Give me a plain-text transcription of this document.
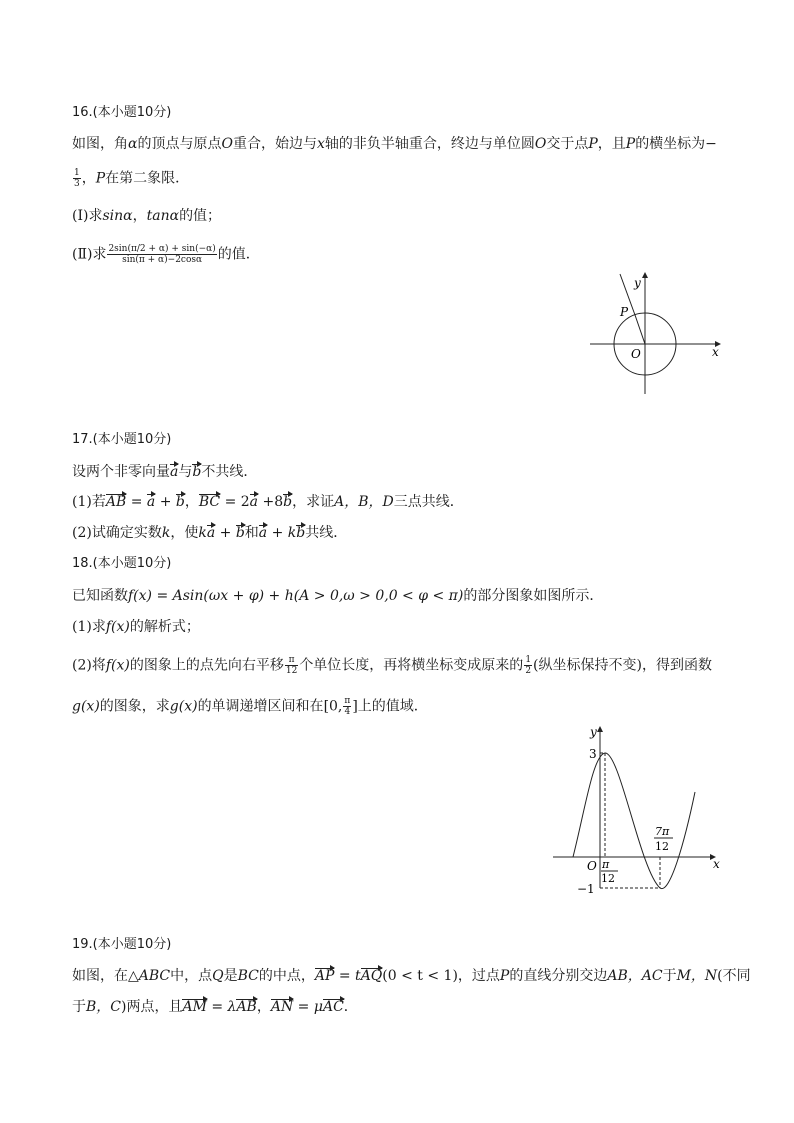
16.(本小题10分)
如图，角α的顶点与原点O重合，始边与x轴的非负半轴重合，终边与单位圆O交于点P，且P的横坐标为−
$\frac{1}{3}$ ，P在第二象限．
(Ⅰ)求sinα，tanα的值；
(Ⅱ)求 $\frac{2\sin(\pi/2 + \alpha) + \sin(-\alpha)}{\sin(\pi + \alpha)-2\cos\alpha}$ 的值．
x
y
P
O
17.(本小题10分)
设两个非零向量a与b不共线．
(1)若AB = a + b，BC = 2a +8b，求证A，B，D三点共线．
(2)试确定实数k，使ka + b和a + kb共线．
18.(本小题10分)
已知函数f(x) = Asin(ωx + φ) + h(A > 0,ω > 0,0 < φ < π)的部分图象如图所示．
(1)求f(x)的解析式；
(2)将f(x)的图象上的点先向右平移 $\frac{\pi}{12}$ 个单位长度，再将横坐标变成原来的 $\frac{1}{2}$ (纵坐标保持不变)，得到函数
g(x)的图象，求g(x)的单调递增区间和在[0, $\frac{\pi}{4}$ ]上的值域．
x
y
3
−1
O π
12
7π
12
19.(本小题10分)
如图，在△ABC中，点Q是BC的中点，AP = tAQ(0 < t < 1)，过点P的直线分别交边AB，AC于M，N(不同
于B，C)两点，且AM = λAB，AN = μAC．
